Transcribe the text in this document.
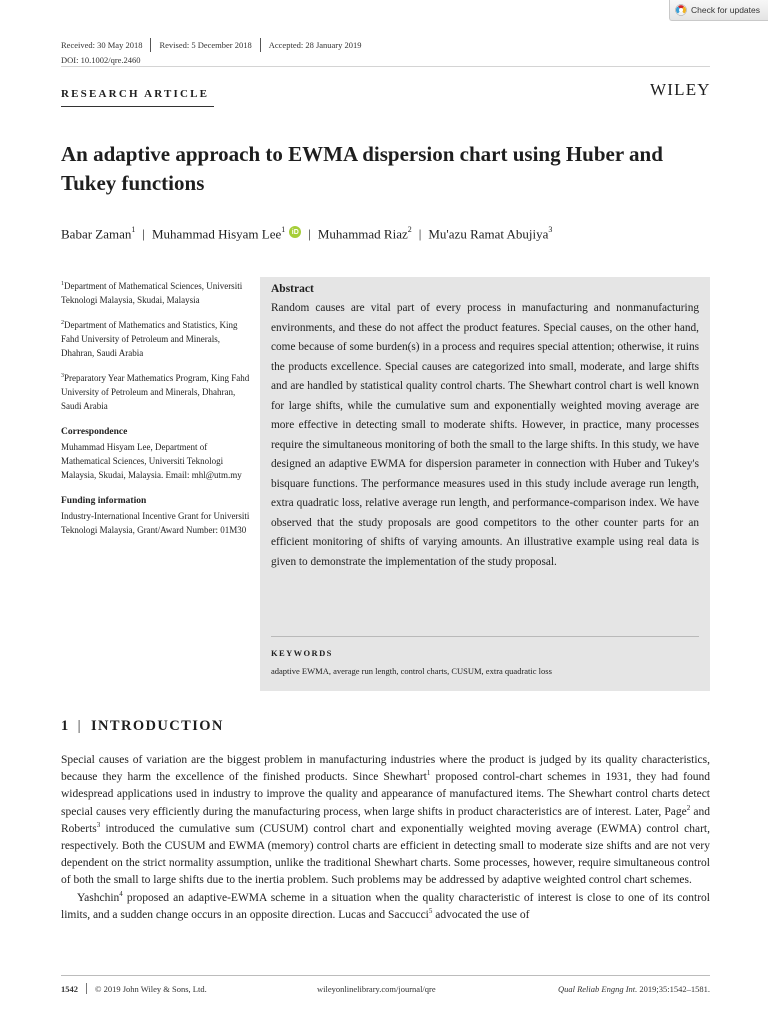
Check for updates
Received: 30 May 2018 Revised: 5 December 2018 Accepted: 28 January 2019
DOI: 10.1002/qre.2460
RESEARCH ARTICLE	WILEY
An adaptive approach to EWMA dispersion chart using Huber and Tukey functions
Babar Zaman$^1$ | Muhammad Hisyam Lee$^1$ iD | Muhammad Riaz$^2$ | Mu'azu Ramat Abujiya$^3$
$^1$Department of Mathematical Sciences, Universiti Teknologi Malaysia, Skudai, Malaysia
$^2$Department of Mathematics and Statistics, King Fahd University of Petroleum and Minerals, Dhahran, Saudi Arabia
$^3$Preparatory Year Mathematics Program, King Fahd University of Petroleum and Minerals, Dhahran, Saudi Arabia
Correspondence
Muhammad Hisyam Lee, Department of Mathematical Sciences, Universiti Teknologi Malaysia, Skudai, Malaysia. Email: mhl@utm.my
Funding information
Industry-International Incentive Grant for Universiti Teknologi Malaysia, Grant/Award Number: 01M30
Abstract

Random causes are vital part of every process in manufacturing and nonmanufacturing environments, and these do not affect the product features. Special causes, on the other hand, come because of some burden(s) in a process and requires special attention; otherwise, it ruins the products excellence. Special causes are categorized into small, moderate, and large shifts and are handled by statistical quality control charts. The Shewhart control chart is well known for large shifts, while the cumulative sum and exponentially weighted moving average are more effective in detecting small to moderate shifts. However, in practice, many processes require the simultaneous monitoring of both the small to the large shifts. In this study, we have designed an adaptive EWMA for dispersion parameter in connection with Huber and Tukey's bisquare functions. The performance measures used in this study include average run length, extra quadratic loss, relative average run length, and performance-comparison index. We have observed that the study proposals are good competitors to the other counter parts for an efficient monitoring of shifts of varying amounts. An illustrative example using real data is given to demonstrate the implementation of the study proposal.

KEYWORDS
adaptive EWMA, average run length, control charts, CUSUM, extra quadratic loss
1 | INTRODUCTION

Special causes of variation are the biggest problem in manufacturing industries where the product is judged by its quality characteristics, because they harm the excellence of the finished products. Since Shewhart$^1$ proposed control-chart schemes in 1931, they had found widespread applications used in industry to improve the quality and appearance of manufactured items. The Shewhart control charts detect special causes very efficiently during the manufacturing process, when large shifts in product characteristics are of interest. Later, Page$^2$ and Roberts$^3$ introduced the cumulative sum (CUSUM) control chart and exponentially weighted moving average (EWMA) control chart, respectively. Both the CUSUM and EWMA (memory) control charts are efficient in detecting small to moderate size shifts and are not very dependent on the strict normality assumption, unlike the traditional Shewhart charts. Some processes, however, require simultaneous control of both the small to large shifts due to the inertia problem. Such problems may be addressed by adaptive weighted control chart schemes.

Yashchin$^4$ proposed an adaptive-EWMA scheme in a situation when the quality characteristic of interest is close to one of its control limits, and a sudden change occurs in an opposite direction. Lucas and Saccucci$^5$ advocated the use of

1542 © 2019 John Wiley & Sons, Ltd.	wileyonlinelibrary.com/journal/qre	Qual Reliab Engng Int. 2019;35:1542–1581.
